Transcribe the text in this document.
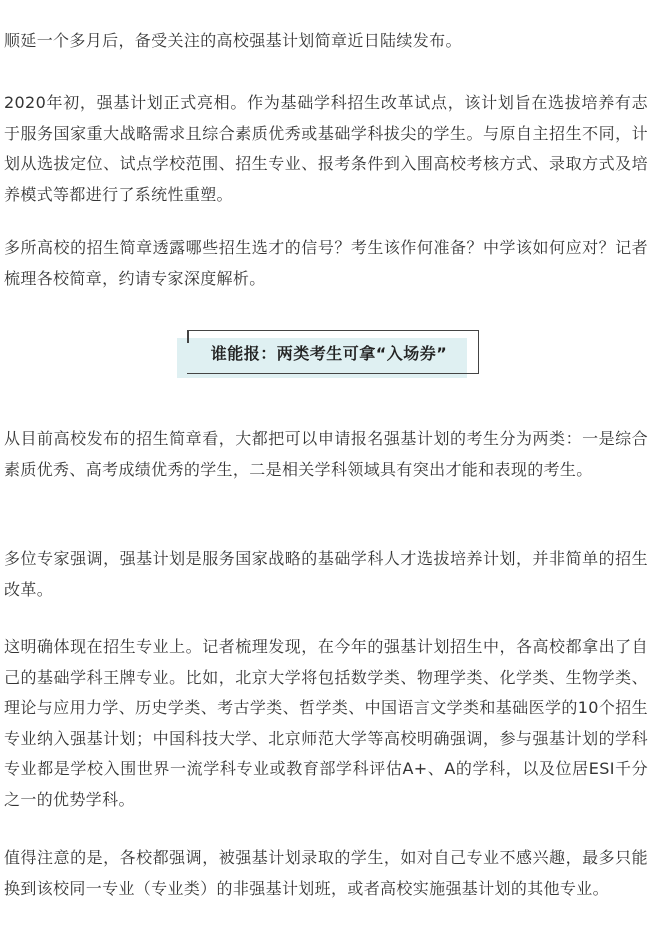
顺延一个多月后，备受关注的高校强基计划简章近日陆续发布。

2020年初，强基计划正式亮相。作为基础学科招生改革试点，该计划旨在选拔培养有志于服务国家重大战略需求且综合素质优秀或基础学科拔尖的学生。与原自主招生不同，计划从选拔定位、试点学校范围、招生专业、报考条件到入围高校考核方式、录取方式及培养模式等都进行了系统性重塑。

多所高校的招生简章透露哪些招生选才的信号？考生该作何准备？中学该如何应对？记者梳理各校简章，约请专家深度解析。

谁能报：两类考生可拿“入场券”

从目前高校发布的招生简章看，大都把可以申请报名强基计划的考生分为两类：一是综合素质优秀、高考成绩优秀的学生，二是相关学科领域具有突出才能和表现的考生。

多位专家强调，强基计划是服务国家战略的基础学科人才选拔培养计划，并非简单的招生改革。

这明确体现在招生专业上。记者梳理发现，在今年的强基计划招生中，各高校都拿出了自己的基础学科王牌专业。比如，北京大学将包括数学类、物理学类、化学类、生物学类、理论与应用力学、历史学类、考古学类、哲学类、中国语言文学类和基础医学的10个招生专业纳入强基计划；中国科技大学、北京师范大学等高校明确强调，参与强基计划的学科专业都是学校入围世界一流学科专业或教育部学科评估A+、A的学科，以及位居ESI千分之一的优势学科。

值得注意的是，各校都强调，被强基计划录取的学生，如对自己专业不感兴趣，最多只能换到该校同一专业（专业类）的非强基计划班，或者高校实施强基计划的其他专业。
